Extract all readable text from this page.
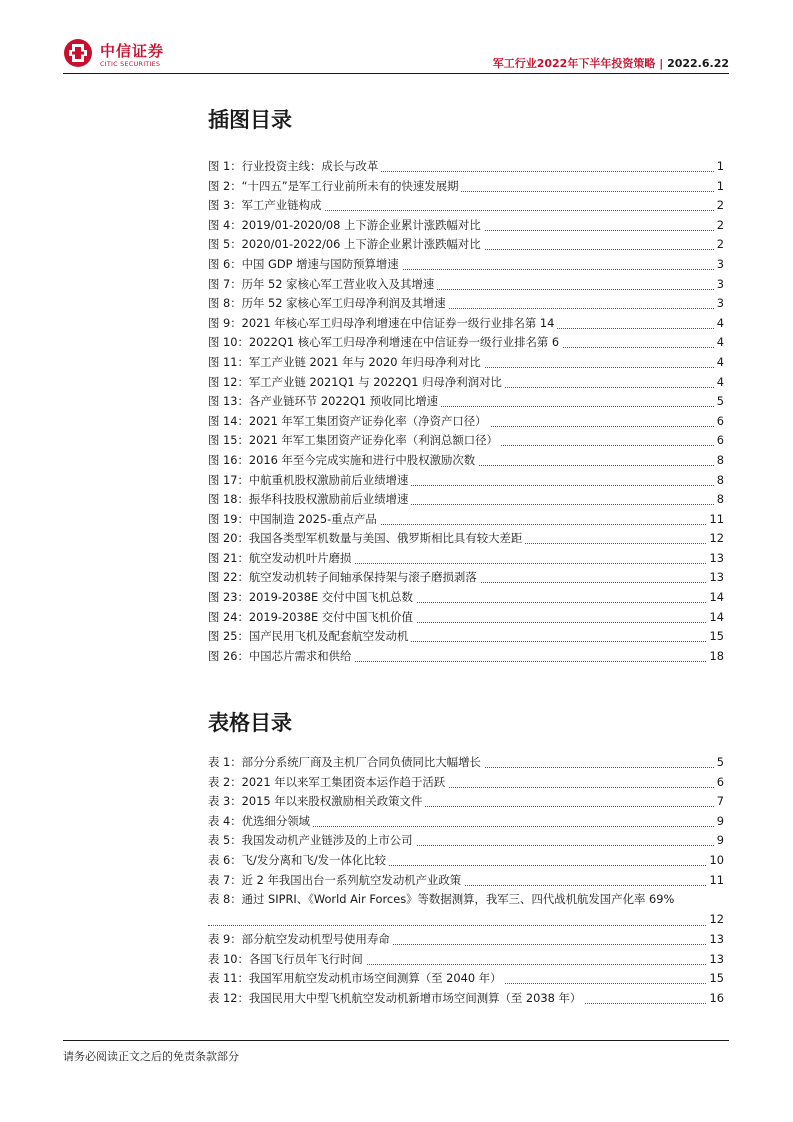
中信证券
CITIC SECURITIES	军工行业2022年下半年投资策略 | 2022.6.22
插图目录
图 1：行业投资主线：成长与改革	1
图 2：“十四五”是军工行业前所未有的快速发展期	1
图 3：军工产业链构成	2
图 4：2019/01-2020/08 上下游企业累计涨跌幅对比	2
图 5：2020/01-2022/06 上下游企业累计涨跌幅对比	2
图 6：中国 GDP 增速与国防预算增速	3
图 7：历年 52 家核心军工营业收入及其增速	3
图 8：历年 52 家核心军工归母净利润及其增速	3
图 9：2021 年核心军工归母净利增速在中信证券一级行业排名第 14	4
图 10：2022Q1 核心军工归母净利增速在中信证券一级行业排名第 6	4
图 11：军工产业链 2021 年与 2020 年归母净利对比	4
图 12：军工产业链 2021Q1 与 2022Q1 归母净利润对比	4
图 13：各产业链环节 2022Q1 预收同比增速	5
图 14：2021 年军工集团资产证券化率（净资产口径）	6
图 15：2021 年军工集团资产证券化率（利润总额口径）	6
图 16：2016 年至今完成实施和进行中股权激励次数	8
图 17：中航重机股权激励前后业绩增速	8
图 18：振华科技股权激励前后业绩增速	8
图 19：中国制造 2025-重点产品	11
图 20：我国各类型军机数量与美国、俄罗斯相比具有较大差距	12
图 21：航空发动机叶片磨损	13
图 22：航空发动机转子间轴承保持架与滚子磨损剥落	13
图 23：2019-2038E 交付中国飞机总数	14
图 24：2019-2038E 交付中国飞机价值	14
图 25：国产民用飞机及配套航空发动机	15
图 26：中国芯片需求和供给	18
表格目录
表 1：部分分系统厂商及主机厂合同负债同比大幅增长	5
表 2：2021 年以来军工集团资本运作趋于活跃	6
表 3：2015 年以来股权激励相关政策文件	7
表 4：优选细分领域	9
表 5：我国发动机产业链涉及的上市公司	9
表 6：飞/发分离和飞/发一体化比较	10
表 7：近 2 年我国出台一系列航空发动机产业政策	11
表 8：通过 SIPRI、《World Air Forces》等数据测算，我军三、四代战机航发国产化率 69%
12
表 9：部分航空发动机型号使用寿命	13
表 10：各国飞行员年飞行时间	13
表 11：我国军用航空发动机市场空间测算（至 2040 年）	15
表 12：我国民用大中型飞机航空发动机新增市场空间测算（至 2038 年）	16
请务必阅读正文之后的免责条款部分
